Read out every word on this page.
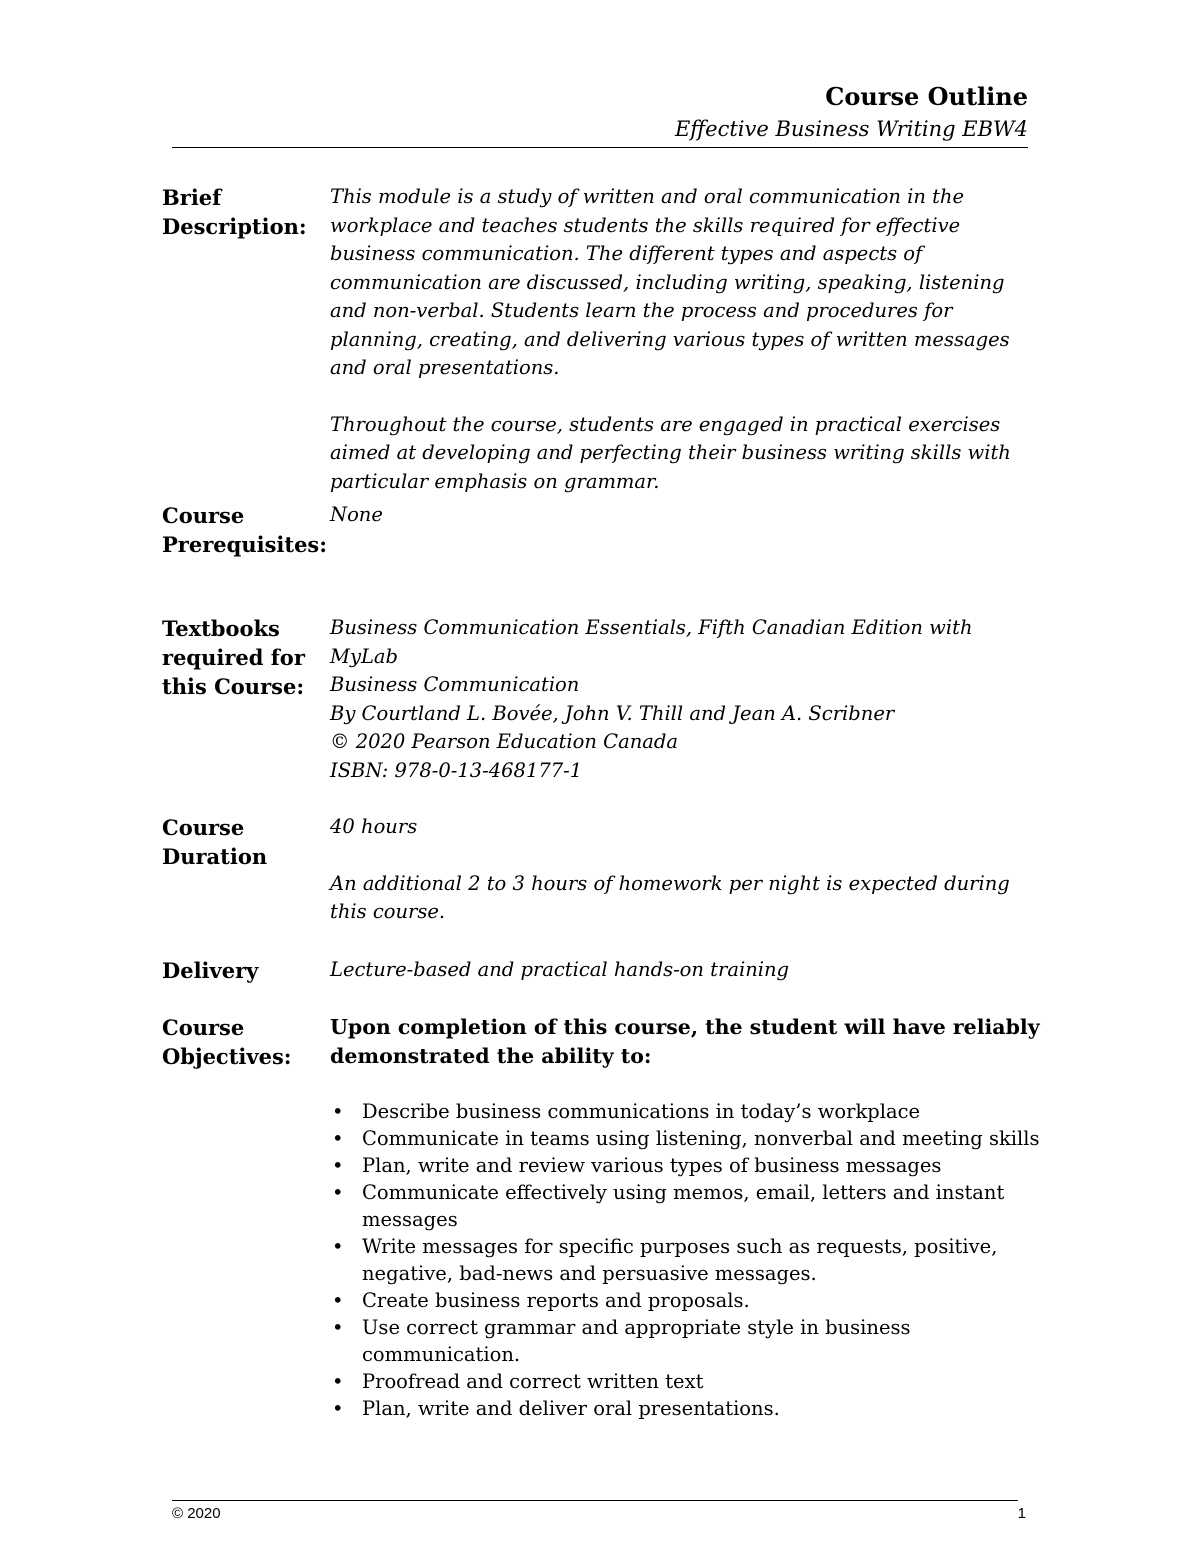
Course Outline
Effective Business Writing EBW4
Brief
Description:

This module is a study of written and oral communication in the workplace and teaches students the skills required for effective business communication. The different types and aspects of communication are discussed, including writing, speaking, listening and non-verbal. Students learn the process and procedures for planning, creating, and delivering various types of written messages and oral presentations.

Throughout the course, students are engaged in practical exercises aimed at developing and perfecting their business writing skills with particular emphasis on grammar.

Course
Prerequisites:
None
Textbooks
required for
this Course:
Business Communication Essentials, Fifth Canadian Edition with MyLab
Business Communication
By Courtland L. Bovée, John V. Thill and Jean A. Scribner
© 2020 Pearson Education Canada
ISBN: 978-0-13-468177-1
Course
Duration

40 hours

An additional 2 to 3 hours of homework per night is expected during this course.

Delivery	Lecture-based and practical hands-on training
Course
Objectives:
Upon completion of this course, the student will have reliably demonstrated the ability to:
• Describe business communications in today’s workplace
• Communicate in teams using listening, nonverbal and meeting skills
• Plan, write and review various types of business messages
• Communicate effectively using memos, email, letters and instant messages
• Write messages for specific purposes such as requests, positive, negative, bad-news and persuasive messages.
• Create business reports and proposals.
• Use correct grammar and appropriate style in business communication.
• Proofread and correct written text
• Plan, write and deliver oral presentations.
© 2020	1
